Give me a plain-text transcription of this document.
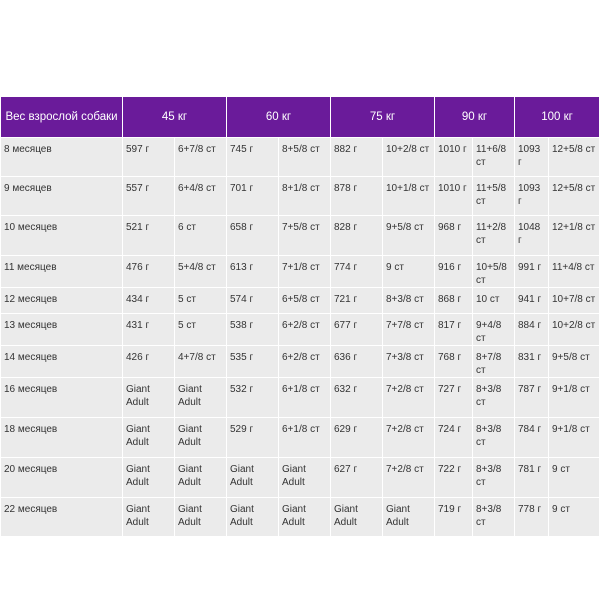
Вес взрослой собаки	45 кг		60 кг		75 кг		90 кг		100 кг	
8 месяцев	597 г	6+7/8 ст	745 г	8+5/8 ст	882 г	10+2/8 ст	1010 г	11+6/8 ст	1093 г	12+5/8 ст
9 месяцев	557 г	6+4/8 ст	701 г	8+1/8 ст	878 г	10+1/8 ст	1010 г	11+5/8 ст	1093 г	12+5/8 ст
10 месяцев	521 г	6 ст	658 г	7+5/8 ст	828 г	9+5/8 ст	968 г	11+2/8 ст	1048 г	12+1/8 ст
11 месяцев	476 г	5+4/8 ст	613 г	7+1/8 ст	774 г	9 ст	916 г	10+5/8 ст	991 г	11+4/8 ст
12 месяцев	434 г	5 ст	574 г	6+5/8 ст	721 г	8+3/8 ст	868 г	10 ст	941 г	10+7/8 ст
13 месяцев	431 г	5 ст	538 г	6+2/8 ст	677 г	7+7/8 ст	817 г	9+4/8 ст	884 г	10+2/8 ст
14 месяцев	426 г	4+7/8 ст	535 г	6+2/8 ст	636 г	7+3/8 ст	768 г	8+7/8 ст	831 г	9+5/8 ст
16 месяцев	Giant Adult	Giant Adult	532 г	6+1/8 ст	632 г	7+2/8 ст	727 г	8+3/8 ст	787 г	9+1/8 ст
18 месяцев	Giant Adult	Giant Adult	529 г	6+1/8 ст	629 г	7+2/8 ст	724 г	8+3/8 ст	784 г	9+1/8 ст
20 месяцев	Giant Adult	Giant Adult	Giant Adult	Giant Adult	627 г	7+2/8 ст	722 г	8+3/8 ст	781 г	9 ст
22 месяцев	Giant Adult	Giant Adult	Giant Adult	Giant Adult	Giant Adult	Giant Adult	719 г	8+3/8 ст	778 г	9 ст
